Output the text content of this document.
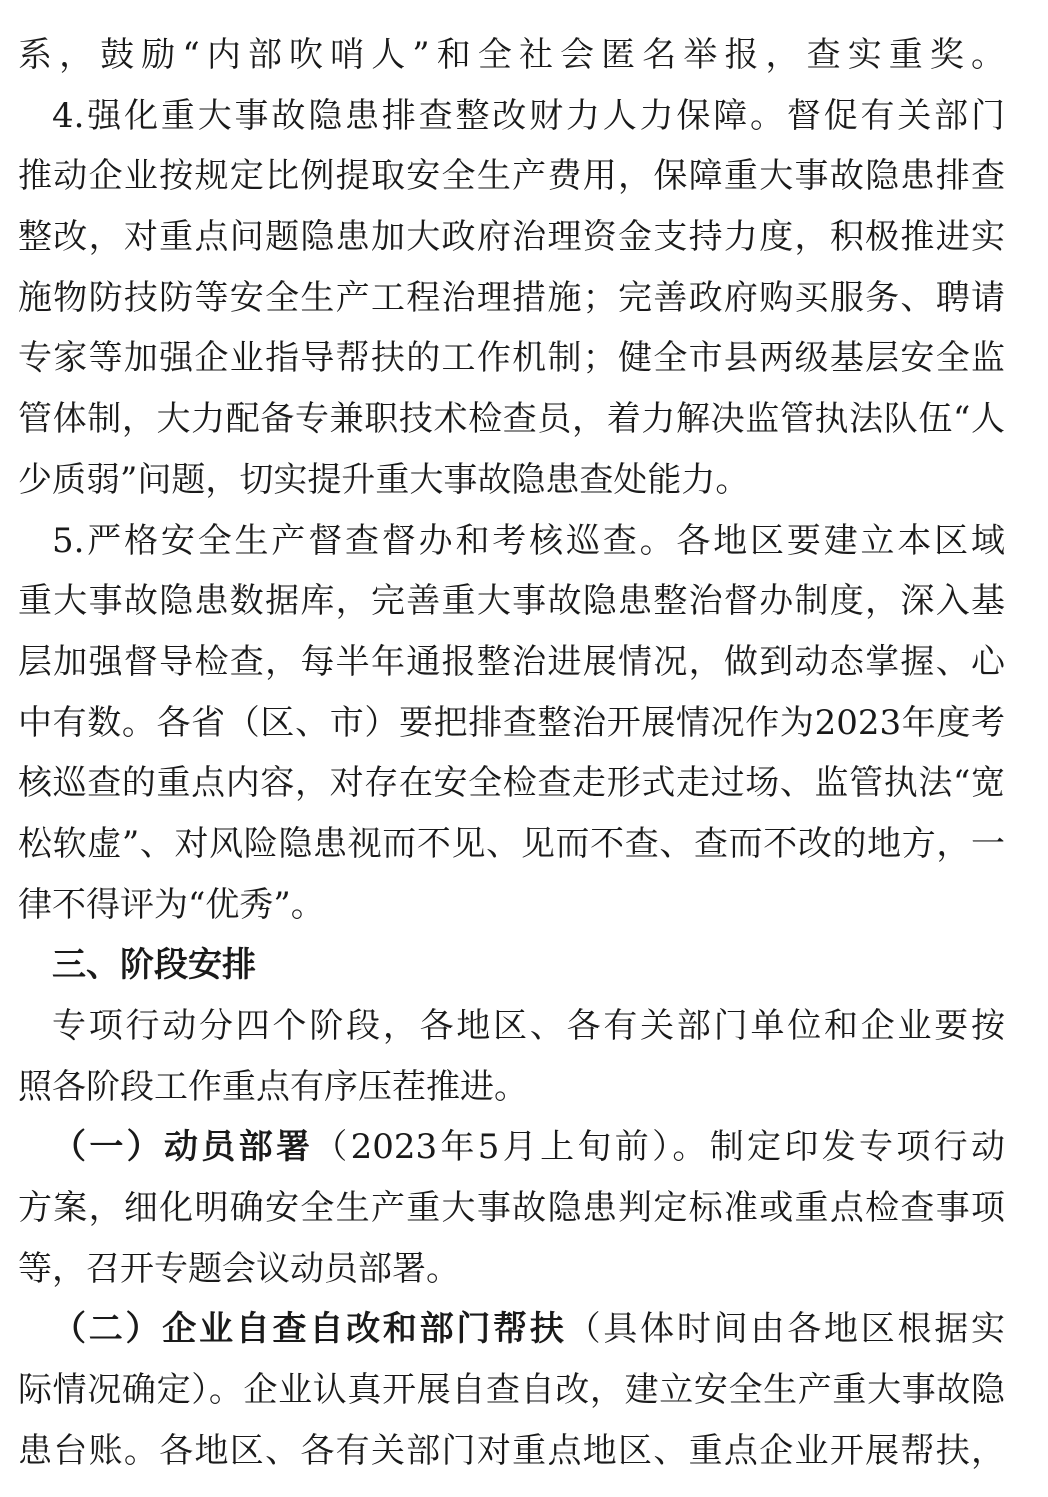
系，鼓励“内部吹哨人”和全社会匿名举报，查实重奖。
4.强化重大事故隐患排查整改财力人力保障。督促有关部门
推动企业按规定比例提取安全生产费用，保障重大事故隐患排查
整改，对重点问题隐患加大政府治理资金支持力度，积极推进实
施物防技防等安全生产工程治理措施；完善政府购买服务、聘请
专家等加强企业指导帮扶的工作机制；健全市县两级基层安全监
管体制，大力配备专兼职技术检查员，着力解决监管执法队伍“人
少质弱”问题，切实提升重大事故隐患查处能力。
5.严格安全生产督查督办和考核巡查。各地区要建立本区域
重大事故隐患数据库，完善重大事故隐患整治督办制度，深入基
层加强督导检查，每半年通报整治进展情况，做到动态掌握、心
中有数。各省（区、市）要把排查整治开展情况作为2023年度考
核巡查的重点内容，对存在安全检查走形式走过场、监管执法“宽
松软虚”、对风险隐患视而不见、见而不查、查而不改的地方，一
律不得评为“优秀”。
三、阶段安排
专项行动分四个阶段，各地区、各有关部门单位和企业要按
照各阶段工作重点有序压茬推进。
（一）动员部署（2023年5月上旬前）。制定印发专项行动
方案，细化明确安全生产重大事故隐患判定标准或重点检查事项
等，召开专题会议动员部署。
（二）企业自查自改和部门帮扶（具体时间由各地区根据实
际情况确定）。企业认真开展自查自改，建立安全生产重大事故隐
患台账。各地区、各有关部门对重点地区、重点企业开展帮扶，
